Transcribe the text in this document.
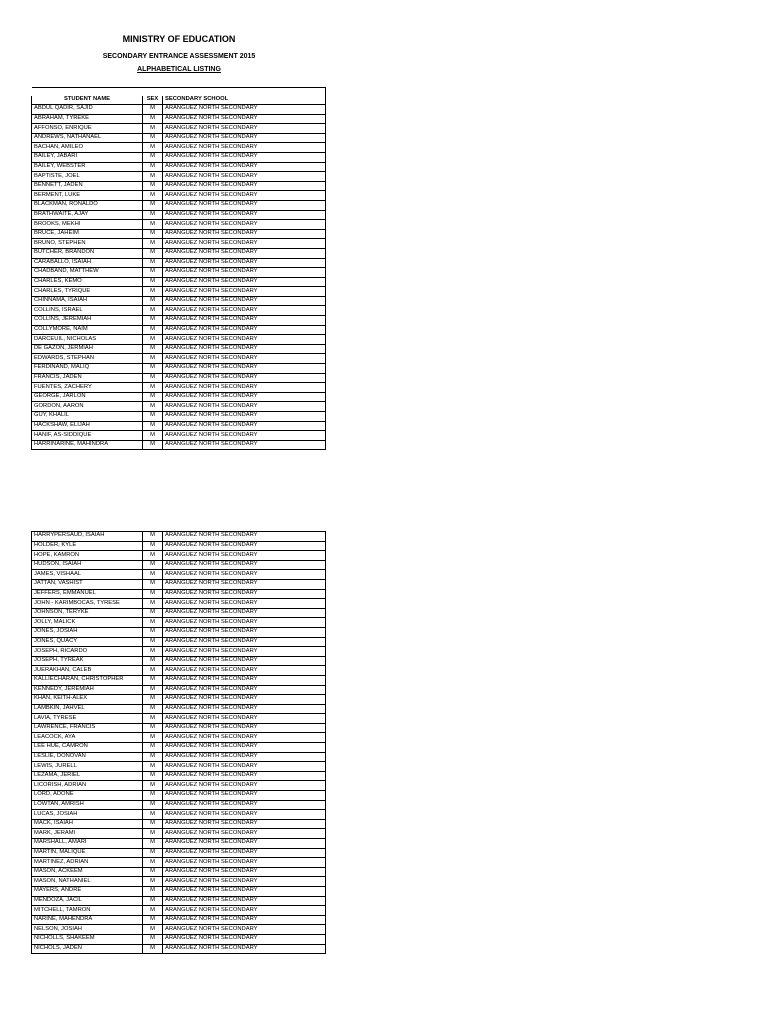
MINISTRY OF EDUCATION
SECONDARY ENTRANCE ASSESSMENT 2015
ALPHABETICAL LISTING

STUDENT NAME	SEX	SECONDARY SCHOOL
ABDUL QADIR, SAJID	M	ARANGUEZ NORTH SECONDARY
ABRAHAM, TYREKE	M	ARANGUEZ NORTH SECONDARY
AFFONSO, ENRIQUE	M	ARANGUEZ NORTH SECONDARY
ANDREWS, NATHANAEL	M	ARANGUEZ NORTH SECONDARY
BACHAN, AMILEO	M	ARANGUEZ NORTH SECONDARY
BAILEY, JABARI	M	ARANGUEZ NORTH SECONDARY
BAILEY, WEBSTER	M	ARANGUEZ NORTH SECONDARY
BAPTISTE, JOEL	M	ARANGUEZ NORTH SECONDARY
BENNETT, JADEN	M	ARANGUEZ NORTH SECONDARY
BERMENT, LUKE	M	ARANGUEZ NORTH SECONDARY
BLACKMAN, RONALDO	M	ARANGUEZ NORTH SECONDARY
BRATHWAITE, AJAY	M	ARANGUEZ NORTH SECONDARY
BROOKS, MEKHI	M	ARANGUEZ NORTH SECONDARY
BRUCE, JAHEIM	M	ARANGUEZ NORTH SECONDARY
BRUNO, STEPHEN	M	ARANGUEZ NORTH SECONDARY
BUTCHER, BRANDON	M	ARANGUEZ NORTH SECONDARY
CARABALLO, ISAIAH	M	ARANGUEZ NORTH SECONDARY
CHADBAND, MATTHEW	M	ARANGUEZ NORTH SECONDARY
CHARLES, KEMO	M	ARANGUEZ NORTH SECONDARY
CHARLES, TYRIQUE	M	ARANGUEZ NORTH SECONDARY
CHINNAMA, ISAIAH	M	ARANGUEZ NORTH SECONDARY
COLLINS, ISRAEL	M	ARANGUEZ NORTH SECONDARY
COLLINS, JEREMIAH	M	ARANGUEZ NORTH SECONDARY
COLLYMORE, NAIM	M	ARANGUEZ NORTH SECONDARY
DARCEUIL, NICHOLAS	M	ARANGUEZ NORTH SECONDARY
DE GAZON, JERMIAH	M	ARANGUEZ NORTH SECONDARY
EDWARDS, STEPHAN	M	ARANGUEZ NORTH SECONDARY
FERDINAND, MALIQ	M	ARANGUEZ NORTH SECONDARY
FRANCIS, JADEN	M	ARANGUEZ NORTH SECONDARY
FUENTES, ZACHERY	M	ARANGUEZ NORTH SECONDARY
GEORGE, JARLON	M	ARANGUEZ NORTH SECONDARY
GORDON, AARON	M	ARANGUEZ NORTH SECONDARY
GUY, KHALIL	M	ARANGUEZ NORTH SECONDARY
HACKSHAW, ELIJAH	M	ARANGUEZ NORTH SECONDARY
HANIF, AS-SIDDIQUE	M	ARANGUEZ NORTH SECONDARY
HARRINARINE, MAHINDRA	M	ARANGUEZ NORTH SECONDARY
HARRYPERSAUD, ISAIAH	M	ARANGUEZ NORTH SECONDARY
HOLDER, KYLE	M	ARANGUEZ NORTH SECONDARY
HOPE, KAMRON	M	ARANGUEZ NORTH SECONDARY
HUDSON, ISAIAH	M	ARANGUEZ NORTH SECONDARY
JAMES, VISHAAL	M	ARANGUEZ NORTH SECONDARY
JATTAN, VASHIST	M	ARANGUEZ NORTH SECONDARY
JEFFERS, EMMANUEL	M	ARANGUEZ NORTH SECONDARY
JOHN - KARIMBOCAS, TYRESE	M	ARANGUEZ NORTH SECONDARY
JOHNSON, TERYKE	M	ARANGUEZ NORTH SECONDARY
JOLLY, MALICK	M	ARANGUEZ NORTH SECONDARY
JONES, JOSIAH	M	ARANGUEZ NORTH SECONDARY
JONES, QUACY	M	ARANGUEZ NORTH SECONDARY
JOSEPH, RICARDO	M	ARANGUEZ NORTH SECONDARY
JOSEPH, TYREAK	M	ARANGUEZ NORTH SECONDARY
JUERAKHAN, CALEB	M	ARANGUEZ NORTH SECONDARY
KALLIECHARAN, CHRISTOPHER	M	ARANGUEZ NORTH SECONDARY
KENNEDY, JEREMIAH	M	ARANGUEZ NORTH SECONDARY
KHAN, KEITH-ALEX	M	ARANGUEZ NORTH SECONDARY
LAMBKIN, JAHVEL	M	ARANGUEZ NORTH SECONDARY
LAVIA, TYRESE	M	ARANGUEZ NORTH SECONDARY
LAWRENCE, FRANCIS	M	ARANGUEZ NORTH SECONDARY
LEACOCK, AYA	M	ARANGUEZ NORTH SECONDARY
LEE HUE, CAMRON	M	ARANGUEZ NORTH SECONDARY
LESLIE, DONOVAN	M	ARANGUEZ NORTH SECONDARY
LEWIS, JURELL	M	ARANGUEZ NORTH SECONDARY
LEZAMA, JERIEL	M	ARANGUEZ NORTH SECONDARY
LICORISH, ADRIAN	M	ARANGUEZ NORTH SECONDARY
LORD, ADONE	M	ARANGUEZ NORTH SECONDARY
LOWTAN, AMRISH	M	ARANGUEZ NORTH SECONDARY
LUCAS, JOSIAH	M	ARANGUEZ NORTH SECONDARY
MACK, ISAIAH	M	ARANGUEZ NORTH SECONDARY
MARK, JERAMI	M	ARANGUEZ NORTH SECONDARY
MARSHALL, AMARI	M	ARANGUEZ NORTH SECONDARY
MARTIN, MALIQUE	M	ARANGUEZ NORTH SECONDARY
MARTINEZ, ADRIAN	M	ARANGUEZ NORTH SECONDARY
MASON, ACKEEM	M	ARANGUEZ NORTH SECONDARY
MASON, NATHANIEL	M	ARANGUEZ NORTH SECONDARY
MAYERS, ANDRE	M	ARANGUEZ NORTH SECONDARY
MENDOZA, JACIL	M	ARANGUEZ NORTH SECONDARY
MITCHELL, TAMRON	M	ARANGUEZ NORTH SECONDARY
NARINE, MAHENDRA	M	ARANGUEZ NORTH SECONDARY
NELSON, JOSIAH	M	ARANGUEZ NORTH SECONDARY
NICHOLLS, SHAKEEM	M	ARANGUEZ NORTH SECONDARY
NICHOLS, JADEN	M	ARANGUEZ NORTH SECONDARY
